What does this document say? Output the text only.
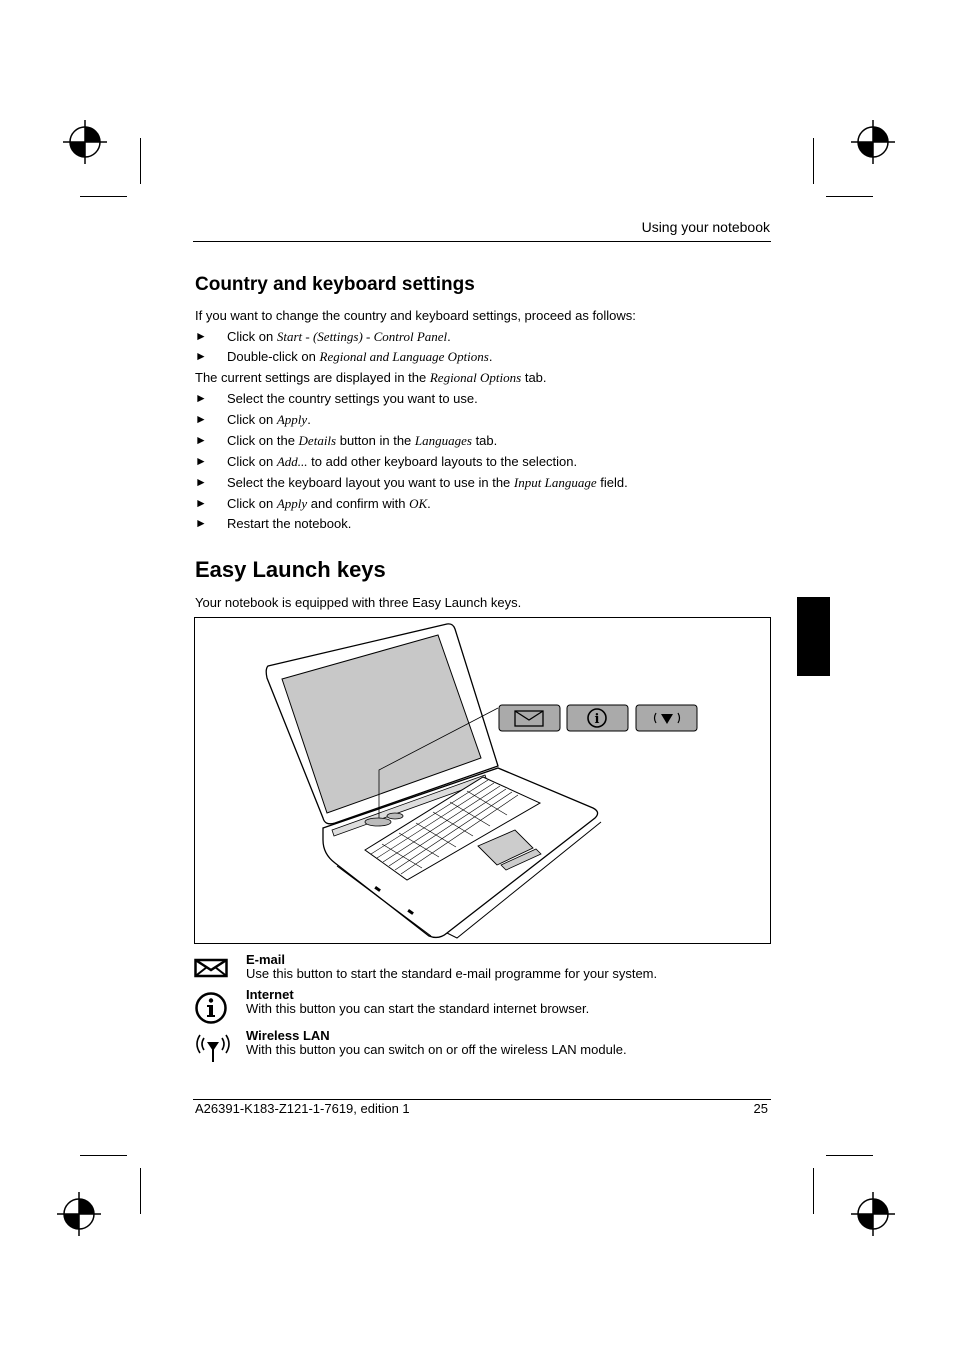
Using your notebook
Country and keyboard settings
If you want to change the country and keyboard settings, proceed as follows:
► Click on Start - (Settings) - Control Panel.
► Double-click on Regional and Language Options.
The current settings are displayed in the Regional Options tab.
► Select the country settings you want to use.
► Click on Apply.
► Click on the Details button in the Languages tab.
► Click on Add... to add other keyboard layouts to the selection.
► Select the keyboard layout you want to use in the Input Language field.
► Click on Apply and confirm with OK.
► Restart the notebook.
Easy Launch keys
Your notebook is equipped with three Easy Launch keys.
i
E-mail
Use this button to start the standard e-mail programme for your system.
Internet
With this button you can start the standard internet browser.
Wireless LAN
With this button you can switch on or off the wireless LAN module.
A26391-K183-Z121-1-7619, edition 1	25
